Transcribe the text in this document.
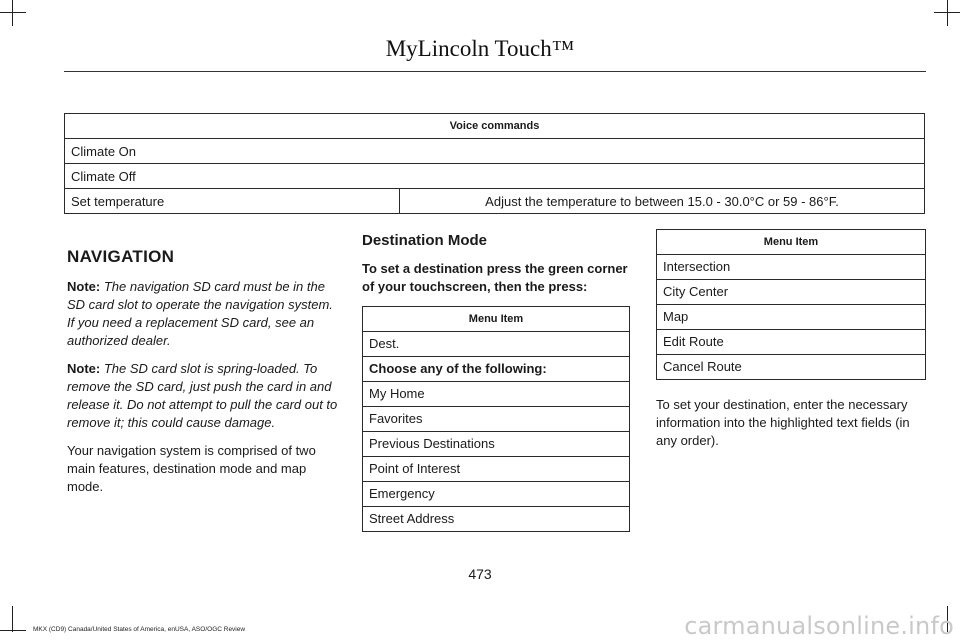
MyLincoln Touch™
Voice commands
Climate On
Climate Off
Set temperature	Adjust the temperature to between 15.0 - 30.0°C or 59 - 86°F.
NAVIGATION

Note: The navigation SD card must be in the SD card slot to operate the navigation system. If you need a replacement SD card, see an authorized dealer.

Note: The SD card slot is spring-loaded. To remove the SD card, just push the card in and release it. Do not attempt to pull the card out to remove it; this could cause damage.

Your navigation system is comprised of two main features, destination mode and map mode.

Destination Mode

To set a destination press the green corner of your touchscreen, then the press:

Menu Item
Dest.
Choose any of the following:
My Home
Favorites
Previous Destinations
Point of Interest
Emergency
Street Address
Menu Item
Intersection
City Center
Map
Edit Route
Cancel Route

To set your destination, enter the necessary information into the highlighted text fields (in any order).

473
MKX (CD9) Canada/United States of America, enUSA, ASO/OGC Review	carmanualsonline.info
